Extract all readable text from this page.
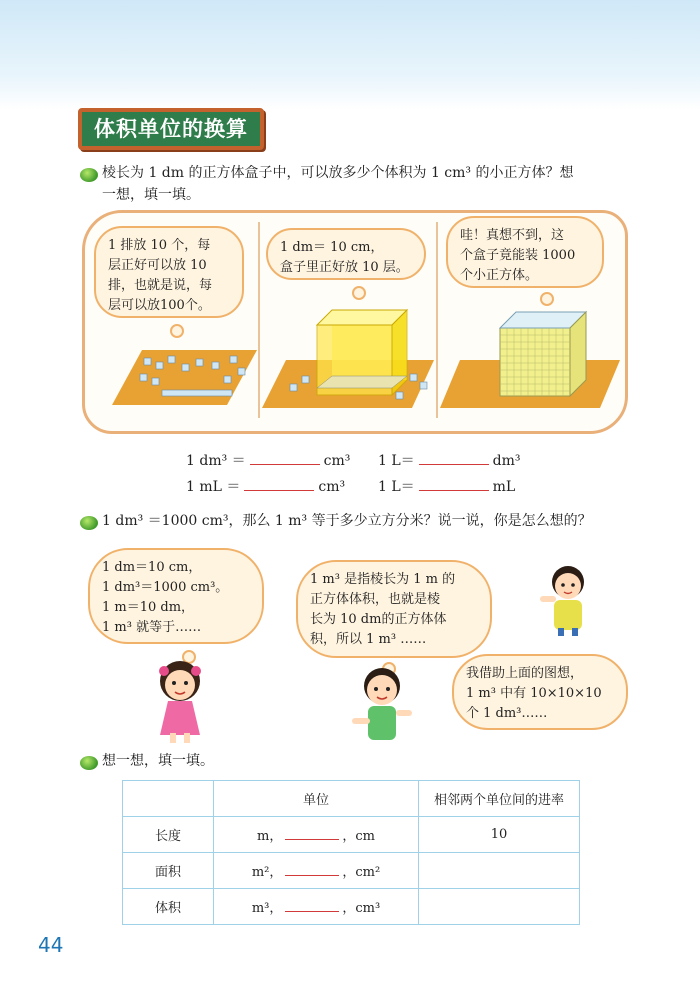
体积单位的换算
棱长为 1 dm 的正方体盒子中，可以放多少个体积为 1 cm³ 的小正方体？想
一想，填一填。
1 排放 10 个，每
层正好可以放 10
排，也就是说，每
层可以放100个。
1 dm＝ 10 cm，
盒子里正好放 10 层。
哇！真想不到，这
个盒子竟能装 1000
个小正方体。
1 dm³ ＝	cm³ 1 L＝	dm³
1 mL ＝	cm³ 1 L＝	mL
1 dm³ ＝1000 cm³，那么 1 m³ 等于多少立方分米？说一说，你是怎么想的？
1 dm＝10 cm，
1 dm³＝1000 cm³。
1 m＝10 dm，
1 m³ 就等于……
1 m³ 是指棱长为 1 m 的
正方体体积，也就是棱
长为 10 dm的正方体体
积，所以 1 m³ ……
我借助上面的图想，
1 m³ 中有 10×10×10
个 1 dm³……
想一想，填一填。
	单位	相邻两个单位间的进率
长度	m， ，cm	10
面积	m²， ，cm²	
体积	m³， ，cm³	
44
